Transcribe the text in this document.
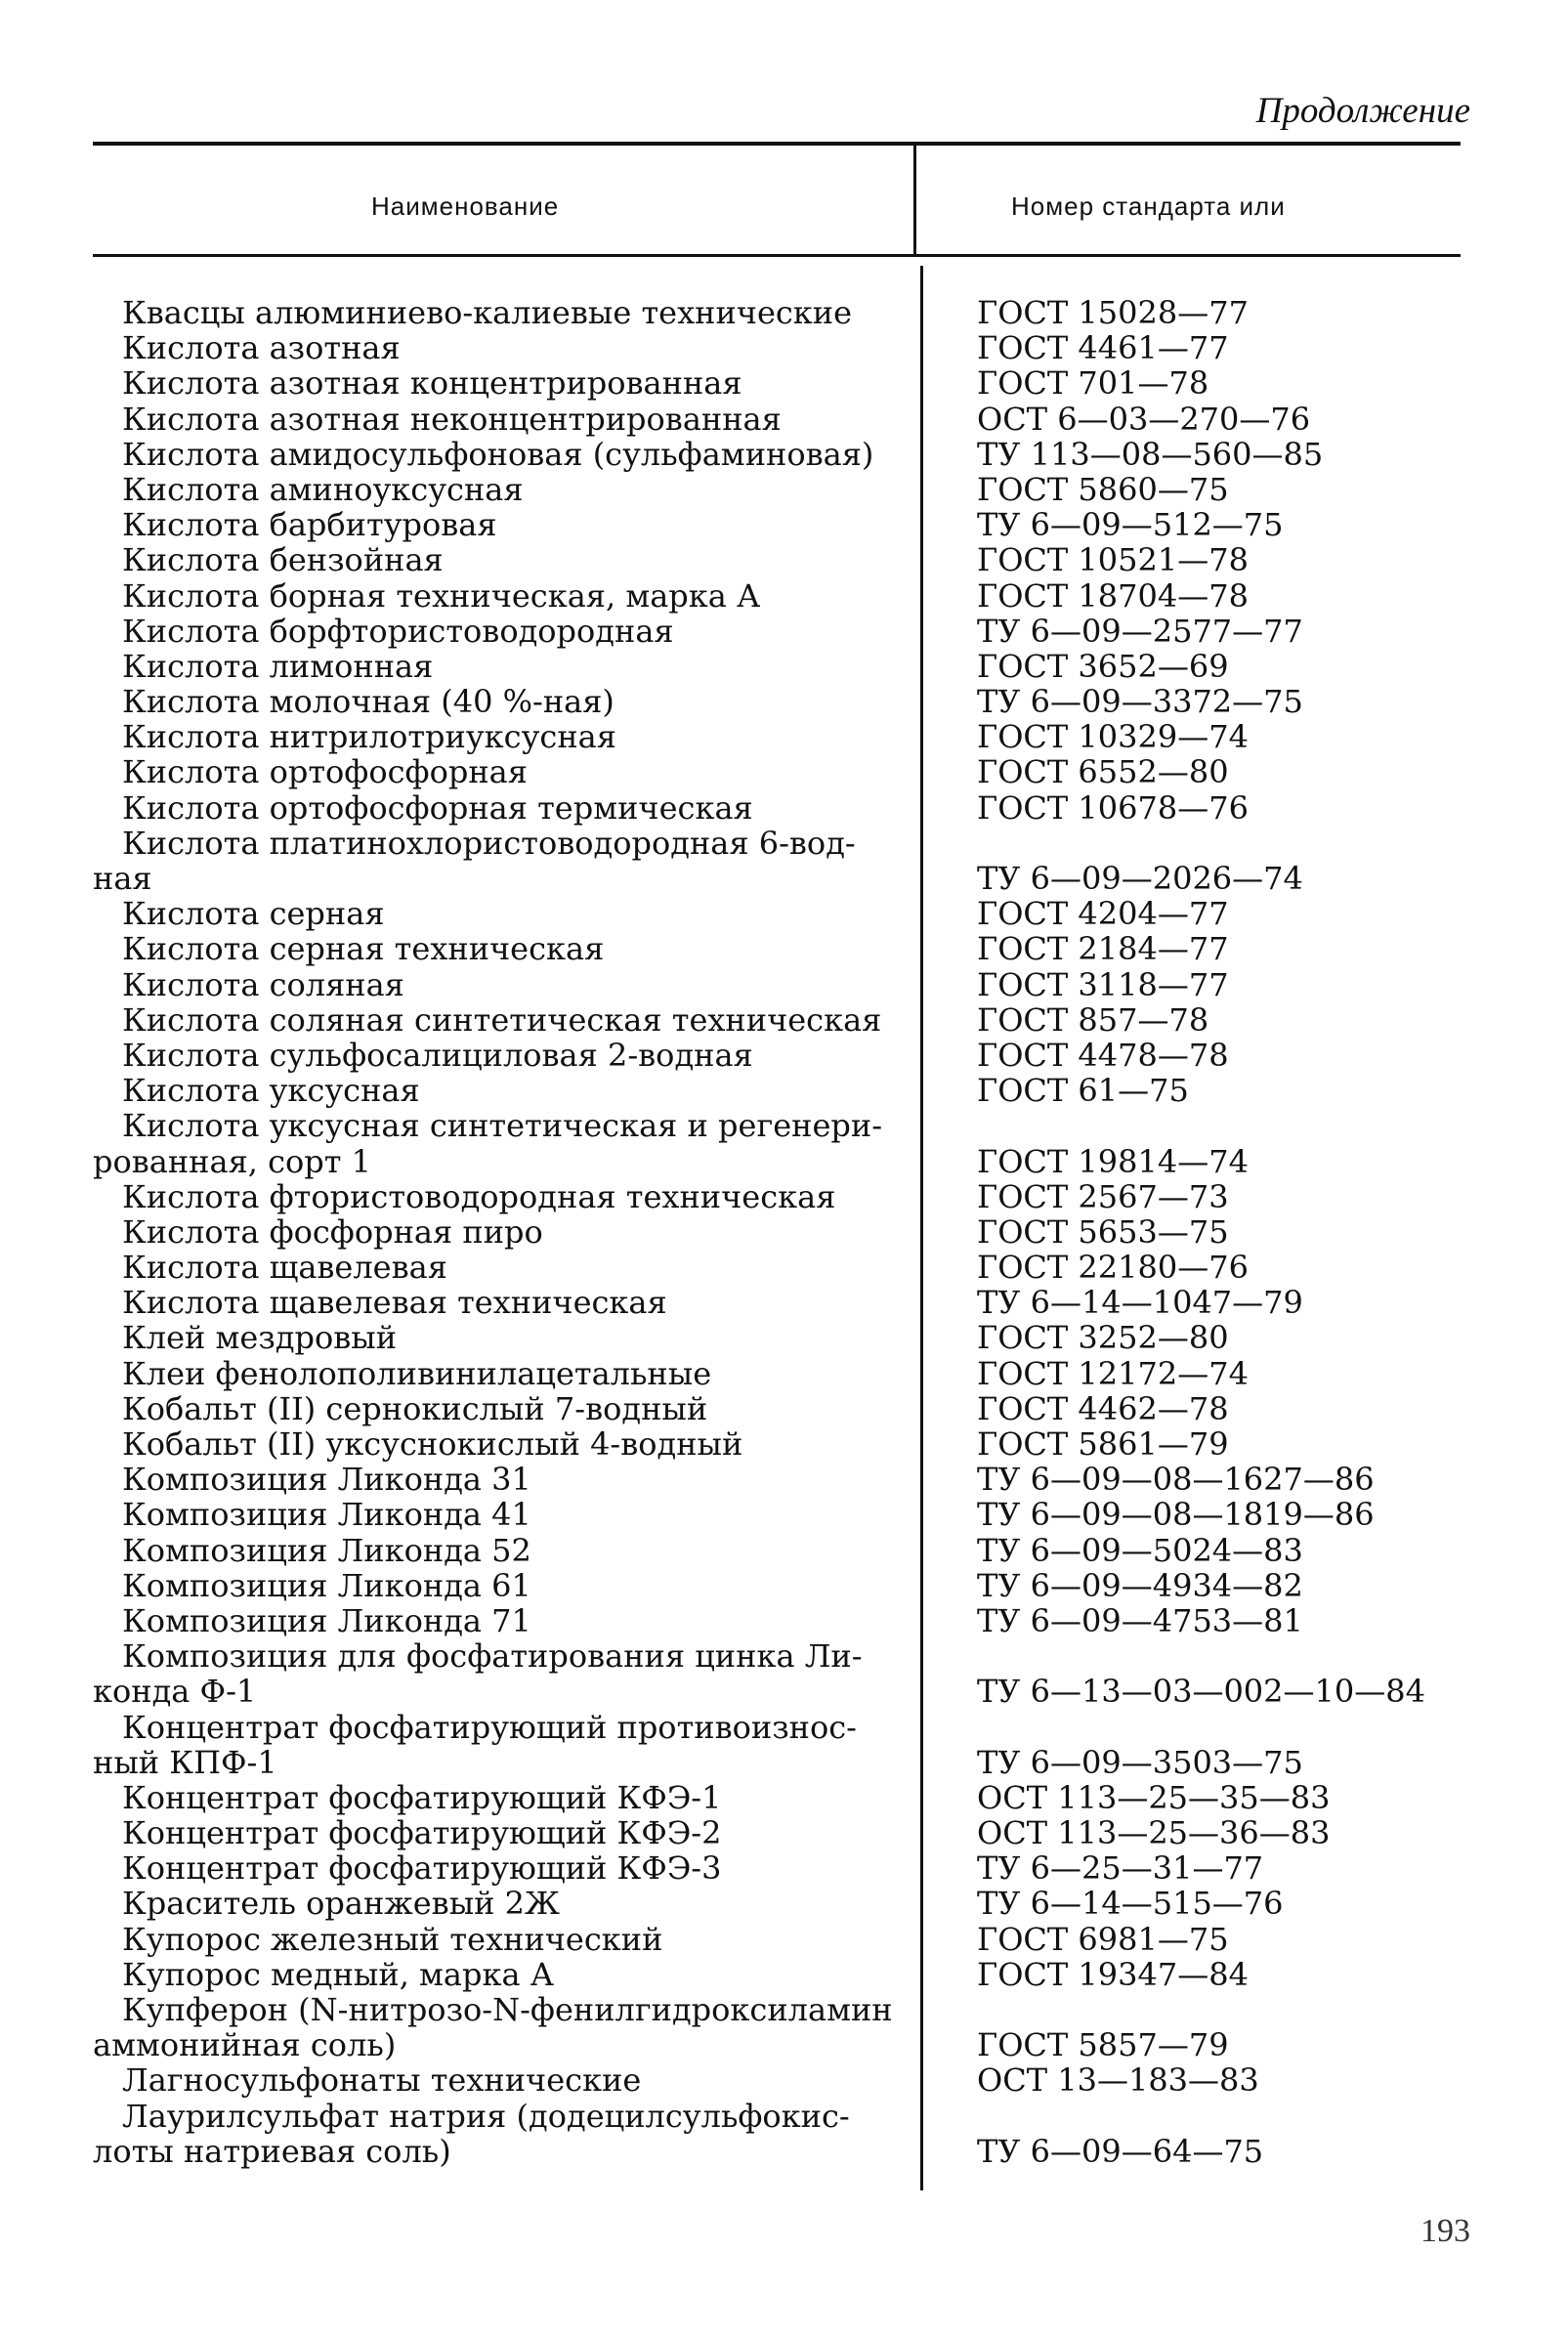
Продолжение
Наименование	Номер стандарта или
Квасцы алюминиево-калиевые технические	ГОСТ 15028—77
Кислота азотная	ГОСТ 4461—77
Кислота азотная концентрированная	ГОСТ 701—78
Кислота азотная неконцентрированная	ОСТ 6—03—270—76
Кислота амидосульфоновая (сульфаминовая)	ТУ 113—08—560—85
Кислота аминоуксусная	ГОСТ 5860—75
Кислота барбитуровая	ТУ 6—09—512—75
Кислота бензойная	ГОСТ 10521—78
Кислота борная техническая, марка А	ГОСТ 18704—78
Кислота борфтористоводородная	ТУ 6—09—2577—77
Кислота лимонная	ГОСТ 3652—69
Кислота молочная (40 %-ная)	ТУ 6—09—3372—75
Кислота нитрилотриуксусная	ГОСТ 10329—74
Кислота ортофосфорная	ГОСТ 6552—80
Кислота ортофосфорная термическая	ГОСТ 10678—76
Кислота платинохлористоводородная 6-вод-
ная	ТУ 6—09—2026—74
Кислота серная	ГОСТ 4204—77
Кислота серная техническая	ГОСТ 2184—77
Кислота соляная	ГОСТ 3118—77
Кислота соляная синтетическая техническая	ГОСТ 857—78
Кислота сульфосалициловая 2-водная	ГОСТ 4478—78
Кислота уксусная	ГОСТ 61—75
Кислота уксусная синтетическая и регенери-
рованная, сорт 1	ГОСТ 19814—74
Кислота фтористоводородная техническая	ГОСТ 2567—73
Кислота фосфорная пиро	ГОСТ 5653—75
Кислота щавелевая	ГОСТ 22180—76
Кислота щавелевая техническая	ТУ 6—14—1047—79
Клей мездровый	ГОСТ 3252—80
Клеи фенолополивинилацетальные	ГОСТ 12172—74
Кобальт (II) сернокислый 7-водный	ГОСТ 4462—78
Кобальт (II) уксуснокислый 4-водный	ГОСТ 5861—79
Композиция Ликонда 31	ТУ 6—09—08—1627—86
Композиция Ликонда 41	ТУ 6—09—08—1819—86
Композиция Ликонда 52	ТУ 6—09—5024—83
Композиция Ликонда 61	ТУ 6—09—4934—82
Композиция Ликонда 71	ТУ 6—09—4753—81
Композиция для фосфатирования цинка Ли-
конда Ф-1	ТУ 6—13—03—002—10—84
Концентрат фосфатирующий противоизнос-
ный КПФ-1	ТУ 6—09—3503—75
Концентрат фосфатирующий КФЭ-1	ОСТ 113—25—35—83
Концентрат фосфатирующий КФЭ-2	ОСТ 113—25—36—83
Концентрат фосфатирующий КФЭ-3	ТУ 6—25—31—77
Краситель оранжевый 2Ж	ТУ 6—14—515—76
Купорос железный технический	ГОСТ 6981—75
Купорос медный, марка А	ГОСТ 19347—84
Купферон (N-нитрозо-N-фенилгидроксиламин
аммонийная соль)	ГОСТ 5857—79
Лагносульфонаты технические	ОСТ 13—183—83
Лаурилсульфат натрия (додецилсульфокис-
лоты натриевая соль)	ТУ 6—09—64—75
193
